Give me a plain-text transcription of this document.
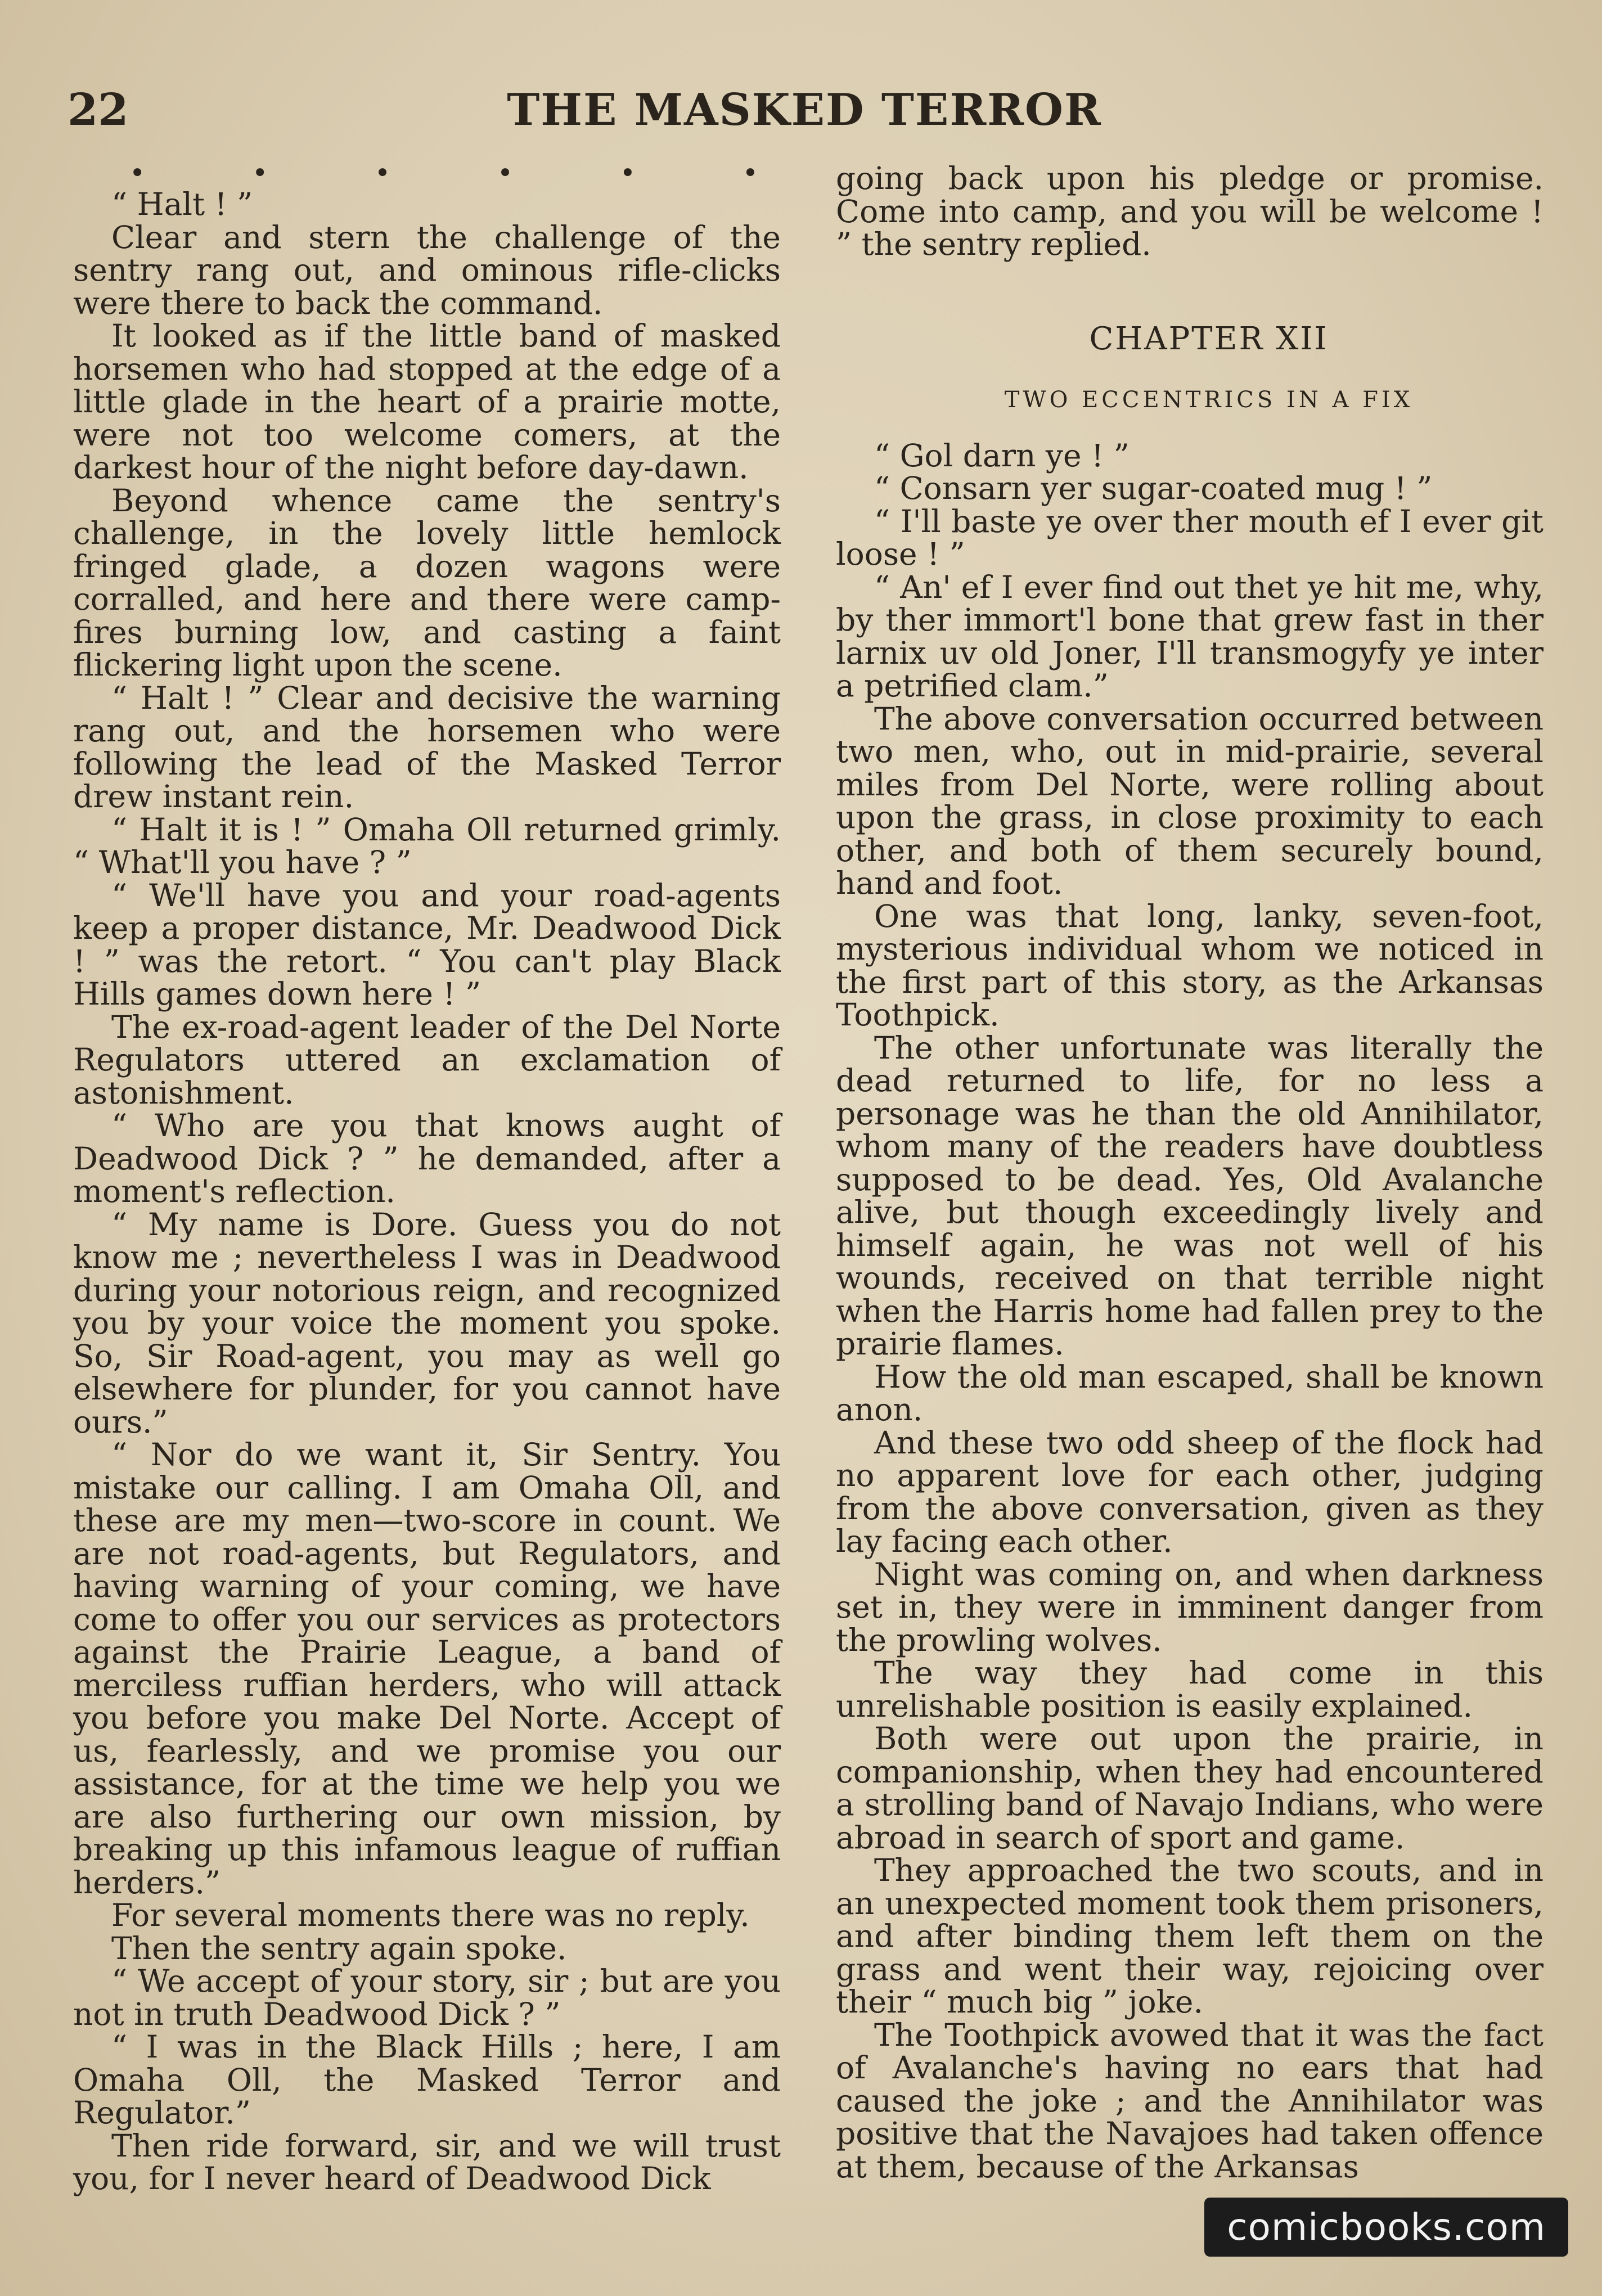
22	THE MASKED TERROR
•	•	•	•	•	•

“ Halt ! ”

Clear and stern the challenge of the sentry rang out, and ominous rifle-clicks were there to back the command.

It looked as if the little band of masked horsemen who had stopped at the edge of a little glade in the heart of a prairie motte, were not too welcome comers, at the darkest hour of the night before day-dawn.

Beyond whence came the sentry's challenge, in the lovely little hemlock fringed glade, a dozen wagons were corralled, and here and there were camp-fires burning low, and casting a faint flickering light upon the scene.

“ Halt ! ” Clear and decisive the warning rang out, and the horsemen who were following the lead of the Masked Terror drew instant rein.

“ Halt it is ! ” Omaha Oll returned grimly. “ What'll you have ? ”

“ We'll have you and your road-agents keep a proper distance, Mr. Deadwood Dick ! ” was the retort. “ You can't play Black Hills games down here ! ”

The ex-road-agent leader of the Del Norte Regulators uttered an exclamation of astonishment.

“ Who are you that knows aught of Deadwood Dick ? ” he demanded, after a moment's reflection.

“ My name is Dore. Guess you do not know me ; nevertheless I was in Deadwood during your notorious reign, and recognized you by your voice the moment you spoke. So, Sir Road-agent, you may as well go elsewhere for plunder, for you cannot have ours.”

“ Nor do we want it, Sir Sentry. You mistake our calling. I am Omaha Oll, and these are my men—two-score in count. We are not road-agents, but Regulators, and having warning of your coming, we have come to offer you our services as protectors against the Prairie League, a band of merciless ruffian herders, who will attack you before you make Del Norte. Accept of us, fearlessly, and we promise you our assistance, for at the time we help you we are also furthering our own mission, by breaking up this infamous league of ruffian herders.”

For several moments there was no reply.

Then the sentry again spoke.

“ We accept of your story, sir ; but are you not in truth Deadwood Dick ? ”

“ I was in the Black Hills ; here, I am Omaha Oll, the Masked Terror and Regulator.”

Then ride forward, sir, and we will trust you, for I never heard of Deadwood Dick

going back upon his pledge or promise. Come into camp, and you will be welcome ! ” the sentry replied.

CHAPTER XII

TWO ECCENTRICS IN A FIX

“ Gol darn ye ! ”

“ Consarn yer sugar-coated mug ! ”

“ I'll baste ye over ther mouth ef I ever git loose ! ”

“ An' ef I ever find out thet ye hit me, why, by ther immort'l bone that grew fast in ther larnix uv old Joner, I'll transmogyfy ye inter a petrified clam.”

The above conversation occurred between two men, who, out in mid-prairie, several miles from Del Norte, were rolling about upon the grass, in close proximity to each other, and both of them securely bound, hand and foot.

One was that long, lanky, seven-foot, mysterious individual whom we noticed in the first part of this story, as the Arkansas Toothpick.

The other unfortunate was literally the dead returned to life, for no less a personage was he than the old Annihilator, whom many of the readers have doubtless supposed to be dead. Yes, Old Avalanche alive, but though exceedingly lively and himself again, he was not well of his wounds, received on that terrible night when the Harris home had fallen prey to the prairie flames.

How the old man escaped, shall be known anon.

And these two odd sheep of the flock had no apparent love for each other, judging from the above conversation, given as they lay facing each other.

Night was coming on, and when darkness set in, they were in imminent danger from the prowling wolves.

The way they had come in this unrelishable position is easily explained.

Both were out upon the prairie, in companionship, when they had encountered a strolling band of Navajo Indians, who were abroad in search of sport and game.

They approached the two scouts, and in an unexpected moment took them prisoners, and after binding them left them on the grass and went their way, rejoicing over their “ much big ” joke.

The Toothpick avowed that it was the fact of Avalanche's having no ears that had caused the joke ; and the Annihilator was positive that the Navajoes had taken offence at them, because of the Arkansas

comicbooks.com
